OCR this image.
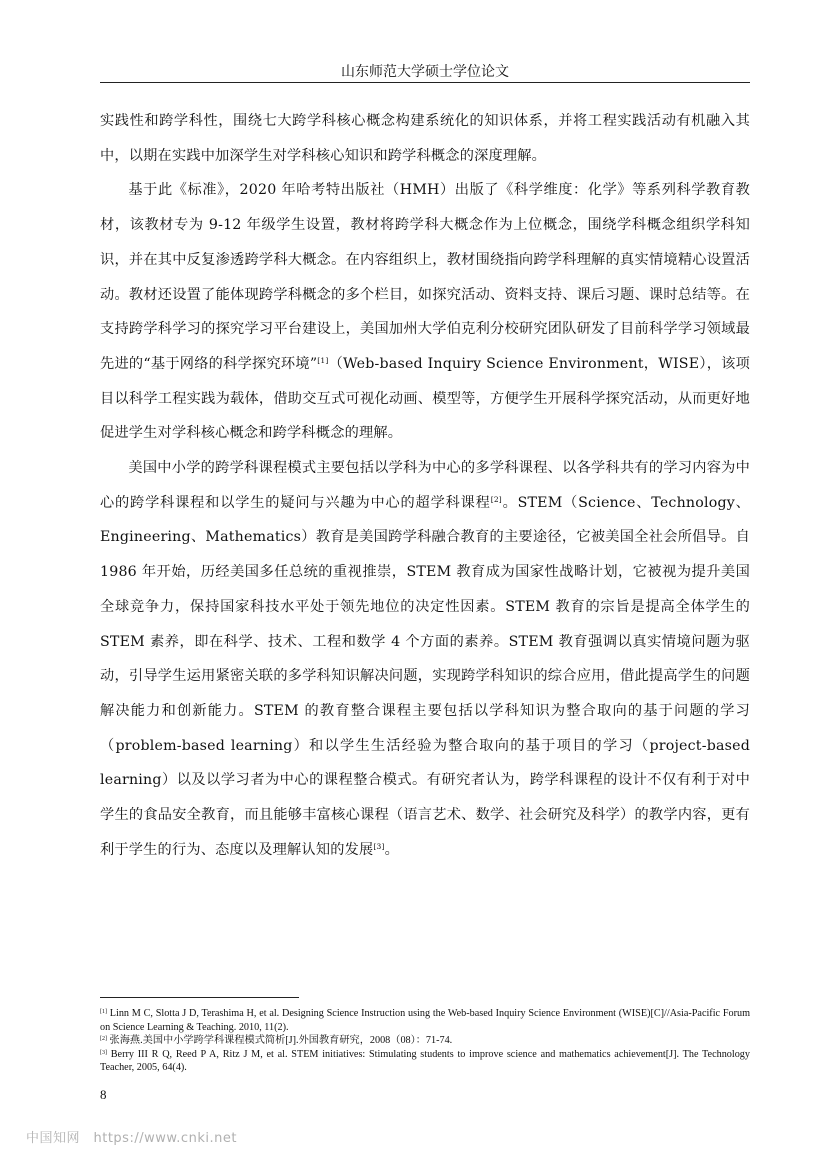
山东师范大学硕士学位论文

实践性和跨学科性，围绕七大跨学科核心概念构建系统化的知识体系，并将工程实践活动有机融入其中，以期在实践中加深学生对学科核心知识和跨学科概念的深度理解。

基于此《标准》，2020 年哈考特出版社（HMH）出版了《科学维度：化学》等系列科学教育教材，该教材专为 9-12 年级学生设置，教材将跨学科大概念作为上位概念，围绕学科概念组织学科知识，并在其中反复渗透跨学科大概念。在内容组织上，教材围绕指向跨学科理解的真实情境精心设置活动。教材还设置了能体现跨学科概念的多个栏目，如探究活动、资料支持、课后习题、课时总结等。在支持跨学科学习的探究学习平台建设上，美国加州大学伯克利分校研究团队研发了目前科学学习领域最先进的“基于网络的科学探究环境”[1]（Web-based Inquiry Science Environment，WISE），该项目以科学工程实践为载体，借助交互式可视化动画、模型等，方便学生开展科学探究活动，从而更好地促进学生对学科核心概念和跨学科概念的理解。

美国中小学的跨学科课程模式主要包括以学科为中心的多学科课程、以各学科共有的学习内容为中心的跨学科课程和以学生的疑问与兴趣为中心的超学科课程[2]。STEM（Science、Technology、Engineering、Mathematics）教育是美国跨学科融合教育的主要途径，它被美国全社会所倡导。自 1986 年开始，历经美国多任总统的重视推崇，STEM 教育成为国家性战略计划，它被视为提升美国全球竞争力，保持国家科技水平处于领先地位的决定性因素。STEM 教育的宗旨是提高全体学生的 STEM 素养，即在科学、技术、工程和数学 4 个方面的素养。STEM 教育强调以真实情境问题为驱动，引导学生运用紧密关联的多学科知识解决问题，实现跨学科知识的综合应用，借此提高学生的问题解决能力和创新能力。STEM 的教育整合课程主要包括以学科知识为整合取向的基于问题的学习（problem-based learning）和以学生生活经验为整合取向的基于项目的学习（project-based learning）以及以学习者为中心的课程整合模式。有研究者认为，跨学科课程的设计不仅有利于对中学生的食品安全教育，而且能够丰富核心课程（语言艺术、数学、社会研究及科学）的教学内容，更有利于学生的行为、态度以及理解认知的发展[3]。

[1] Linn M C, Slotta J D, Terashima H, et al. Designing Science Instruction using the Web-based Inquiry Science Environment (WISE)[C]//Asia-Pacific Forum on Science Learning & Teaching. 2010, 11(2).

[2] 张海燕.美国中小学跨学科课程模式简析[J].外国教育研究，2008（08）：71-74.

[3] Berry III R Q, Reed P A, Ritz J M, et al. STEM initiatives: Stimulating students to improve science and mathematics achievement[J]. The Technology Teacher, 2005, 64(4).

8
中国知网　https://www.cnki.net
